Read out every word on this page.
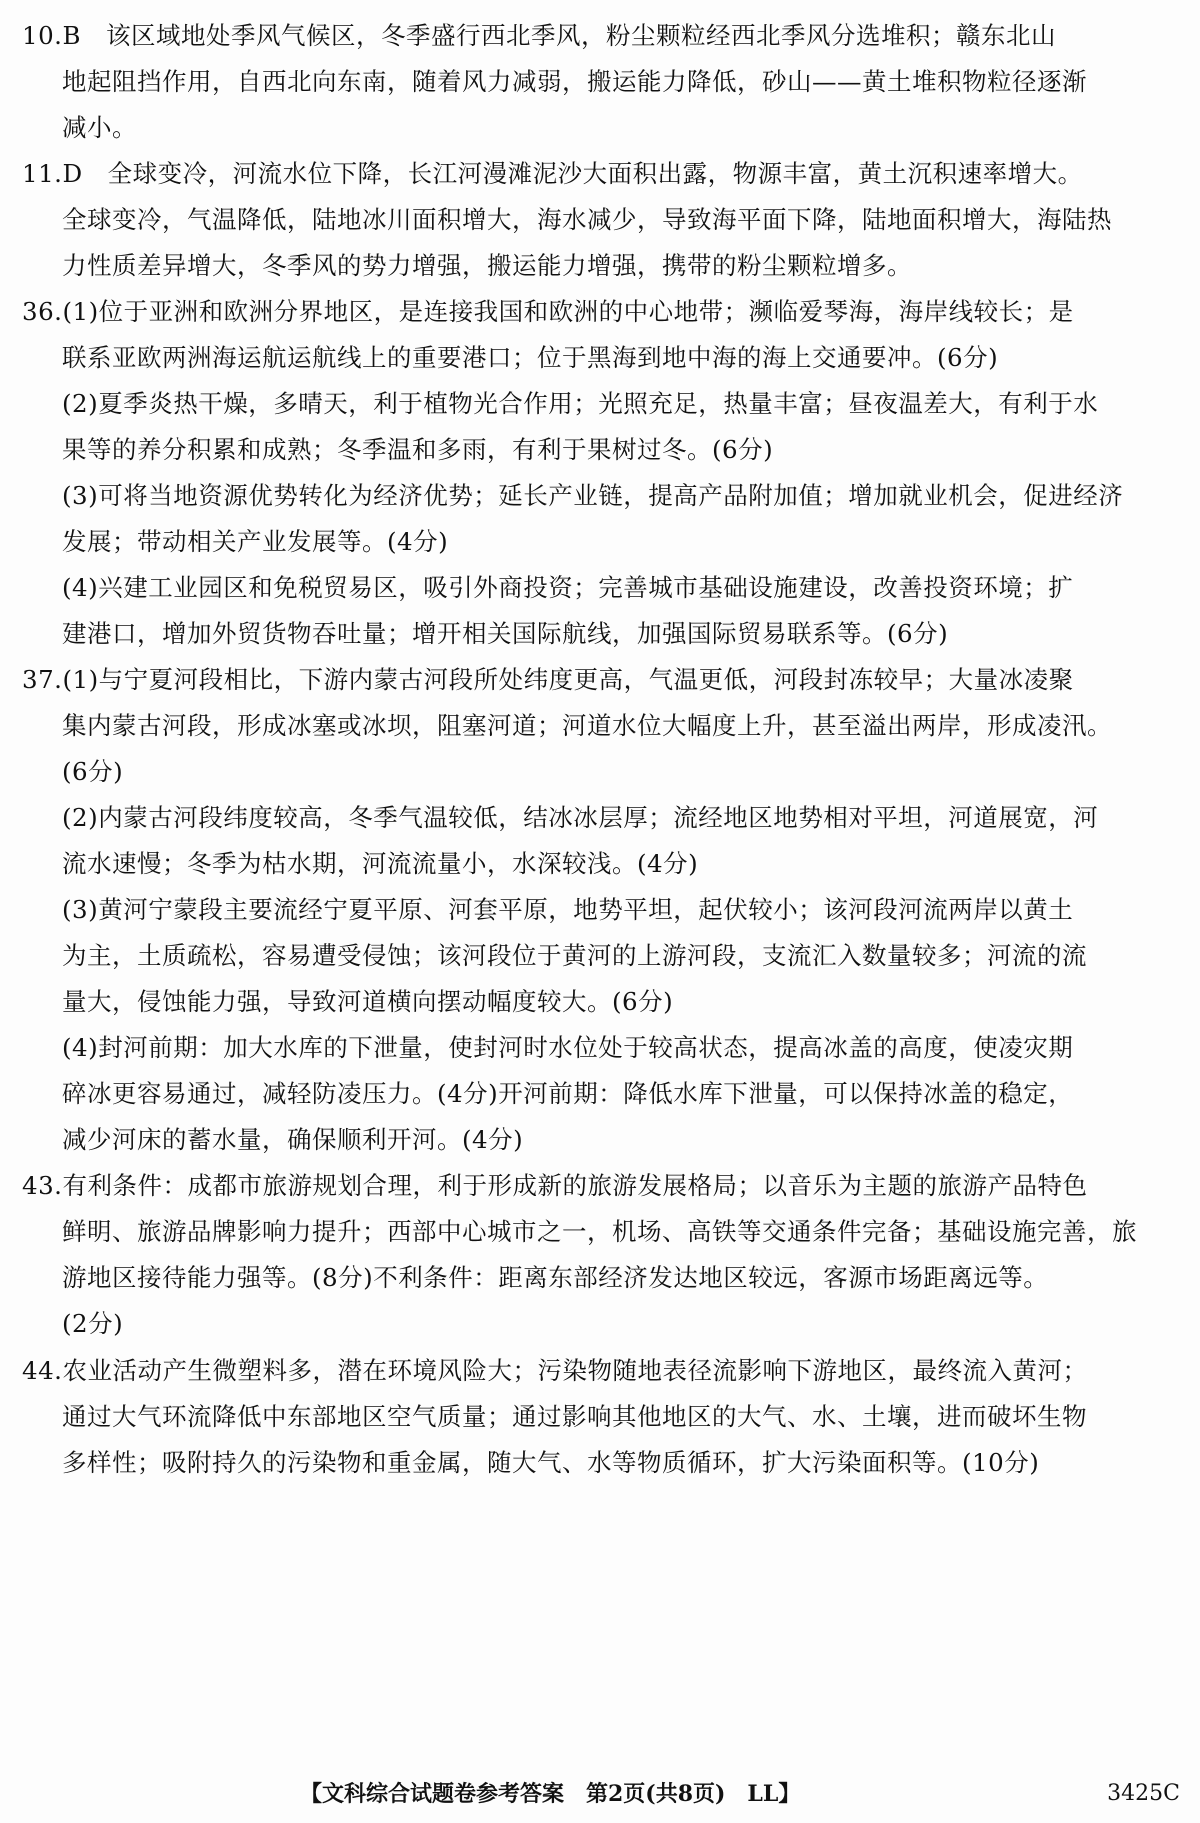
10.B　该区域地处季风气候区，冬季盛行西北季风，粉尘颗粒经西北季风分选堆积；赣东北山
地起阻挡作用，自西北向东南，随着风力减弱，搬运能力降低，砂山——黄土堆积物粒径逐渐
减小。
11.D　全球变冷，河流水位下降，长江河漫滩泥沙大面积出露，物源丰富，黄土沉积速率增大。
全球变冷，气温降低，陆地冰川面积增大，海水减少，导致海平面下降，陆地面积增大，海陆热
力性质差异增大，冬季风的势力增强，搬运能力增强，携带的粉尘颗粒增多。
36.(1)位于亚洲和欧洲分界地区，是连接我国和欧洲的中心地带；濒临爱琴海，海岸线较长；是
联系亚欧两洲海运航运航线上的重要港口；位于黑海到地中海的海上交通要冲。(6分)
(2)夏季炎热干燥，多晴天，利于植物光合作用；光照充足，热量丰富；昼夜温差大，有利于水
果等的养分积累和成熟；冬季温和多雨，有利于果树过冬。(6分)
(3)可将当地资源优势转化为经济优势；延长产业链，提高产品附加值；增加就业机会，促进经济
发展；带动相关产业发展等。(4分)
(4)兴建工业园区和免税贸易区，吸引外商投资；完善城市基础设施建设，改善投资环境；扩
建港口，增加外贸货物吞吐量；增开相关国际航线，加强国际贸易联系等。(6分)
37.(1)与宁夏河段相比，下游内蒙古河段所处纬度更高，气温更低，河段封冻较早；大量冰凌聚
集内蒙古河段，形成冰塞或冰坝，阻塞河道；河道水位大幅度上升，甚至溢出两岸，形成凌汛。
(6分)
(2)内蒙古河段纬度较高，冬季气温较低，结冰冰层厚；流经地区地势相对平坦，河道展宽，河
流水速慢；冬季为枯水期，河流流量小，水深较浅。(4分)
(3)黄河宁蒙段主要流经宁夏平原、河套平原，地势平坦，起伏较小；该河段河流两岸以黄土
为主，土质疏松，容易遭受侵蚀；该河段位于黄河的上游河段，支流汇入数量较多；河流的流
量大，侵蚀能力强，导致河道横向摆动幅度较大。(6分)
(4)封河前期：加大水库的下泄量，使封河时水位处于较高状态，提高冰盖的高度，使凌灾期
碎冰更容易通过，减轻防凌压力。(4分)开河前期：降低水库下泄量，可以保持冰盖的稳定，
减少河床的蓄水量，确保顺利开河。(4分)
43.有利条件：成都市旅游规划合理，利于形成新的旅游发展格局；以音乐为主题的旅游产品特色
鲜明、旅游品牌影响力提升；西部中心城市之一，机场、高铁等交通条件完备；基础设施完善，旅
游地区接待能力强等。(8分)不利条件：距离东部经济发达地区较远，客源市场距离远等。
(2分)
44.农业活动产生微塑料多，潜在环境风险大；污染物随地表径流影响下游地区，最终流入黄河；
通过大气环流降低中东部地区空气质量；通过影响其他地区的大气、水、土壤，进而破坏生物
多样性；吸附持久的污染物和重金属，随大气、水等物质循环，扩大污染面积等。(10分)
【文科综合试题卷参考答案　第2页(共8页)　LL】	3425C
